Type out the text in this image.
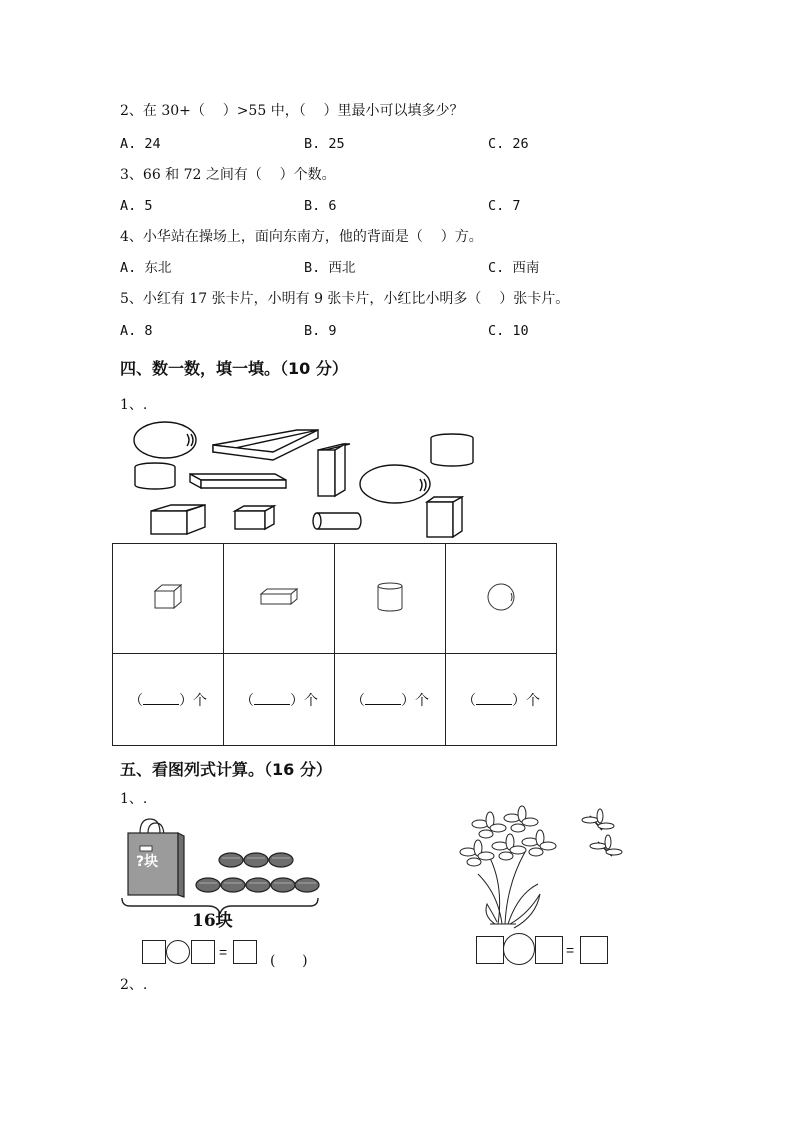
2、在 30+（    ）>55 中，（    ）里最小可以填多少？
A. 24	B. 25	C. 26
3、66 和 72 之间有（    ）个数。
A. 5	B. 6	C. 7
4、小华站在操场上，面向东南方，他的背面是（    ）方。
A. 东北	B. 西北	C. 西南
5、小红有 17 张卡片，小明有 9 张卡片，小红比小明多（    ）张卡片。
A. 8	B. 9	C. 10
四、数一数，填一填。（10 分）
1、.

（ ）个	（ ）个	（ ）个	（ ）个
五、看图列式计算。（16 分）
1、.
?块
16块
=
(      )
=
2、.
